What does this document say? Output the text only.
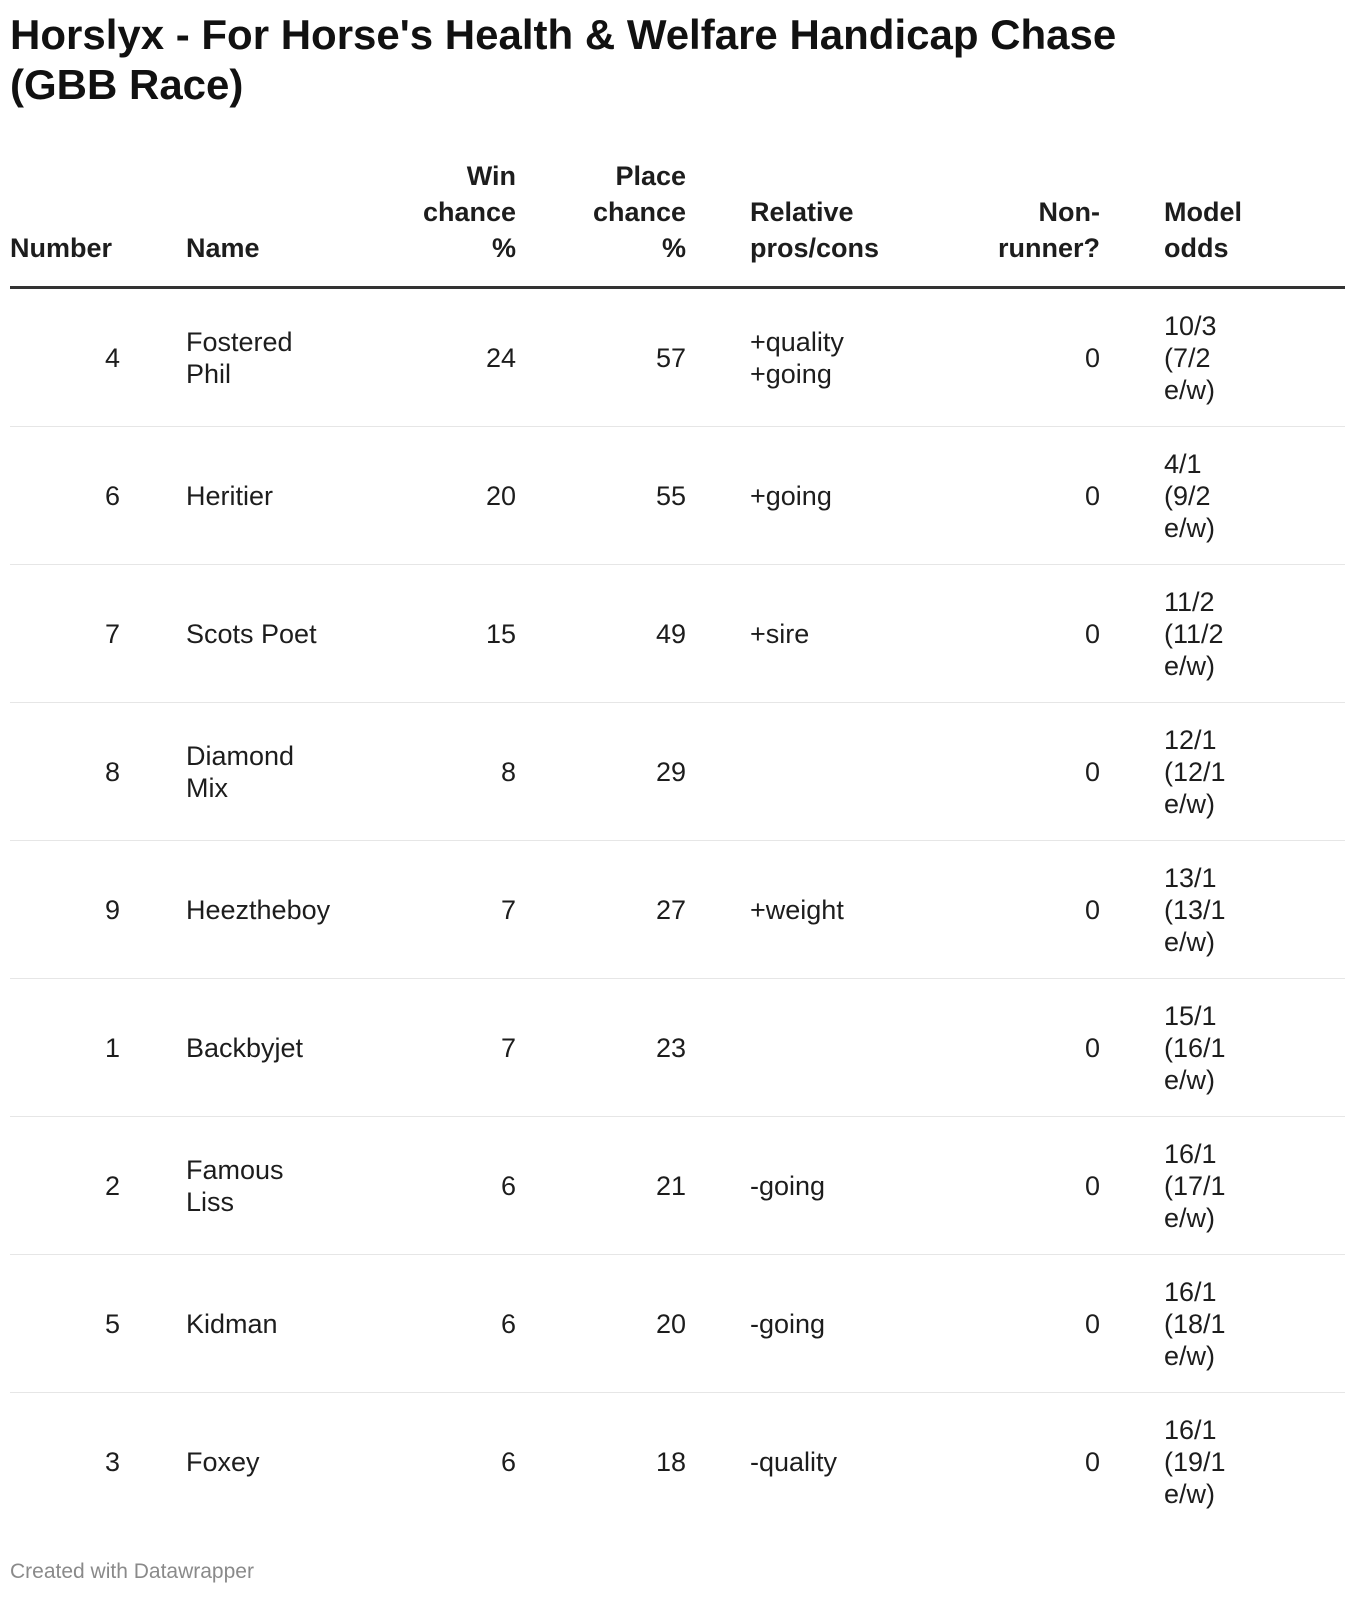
Horslyx - For Horse's Health & Welfare Handicap Chase (GBB Race)
Number	Name	Win
chance
%	Place
chance
%	Relative
pros/cons	Non-
runner?	Model
odds
4	Fostered
Phil	24	57	+quality
+going	0	10/3
(7/2
e/w)
6	Heritier	20	55	+going	0	4/1
(9/2
e/w)
7	Scots Poet	15	49	+sire	0	11/2
(11/2
e/w)
8	Diamond
Mix	8	29		0	12/1
(12/1
e/w)
9	Heeztheboy	7	27	+weight	0	13/1
(13/1
e/w)
1	Backbyjet	7	23		0	15/1
(16/1
e/w)
2	Famous
Liss	6	21	-going	0	16/1
(17/1
e/w)
5	Kidman	6	20	-going	0	16/1
(18/1
e/w)
3	Foxey	6	18	-quality	0	16/1
(19/1
e/w)
Created with Datawrapper
